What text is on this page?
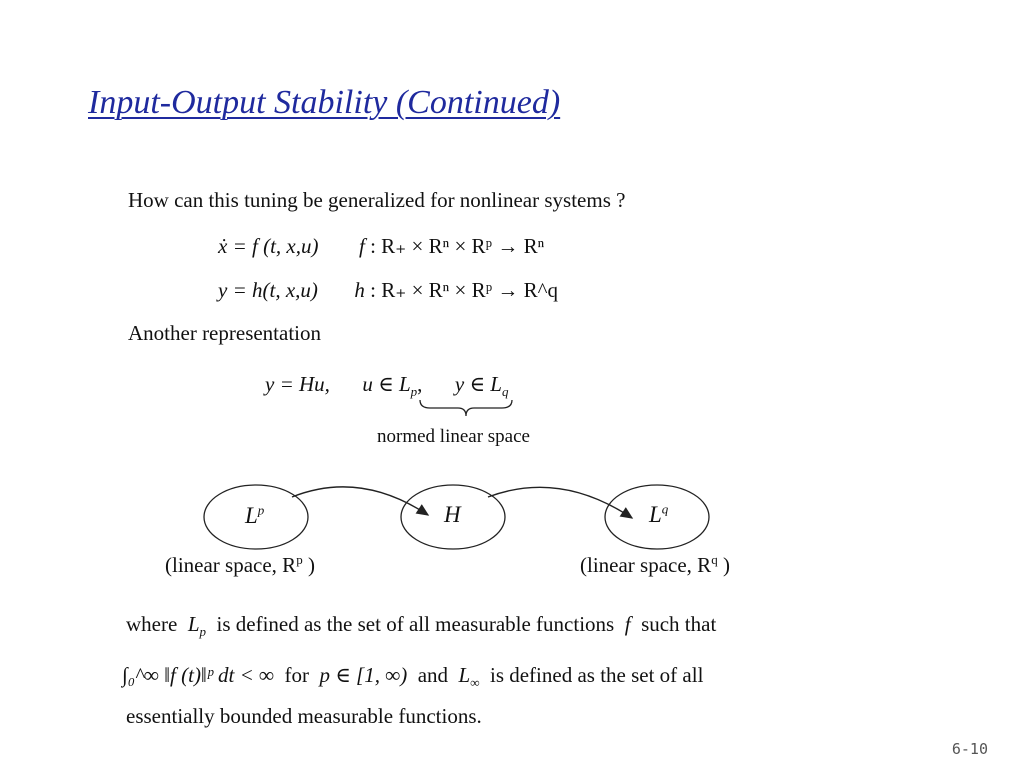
Input-Output Stability (Continued)
How can this tuning be generalized for nonlinear systems ?
ẋ = f (t, x,u) f : R₊ × Rⁿ × Rᵖ → Rⁿ
y = h(t, x,u) h : R₊ × Rⁿ × Rᵖ → R^q
Another representation
y = Hu, u ∈ $L_p$, y ∈ $L_q$
normed linear space
$L^p$	H	$L^q$
(linear space, $R^p$ )	(linear space, $R^q$ )
where $L_p$ is defined as the set of all measurable functions f such that
∫₀^∞ ‖f (t)‖ᵖ dt < ∞ for p ∈ [1, ∞) and $L_\infty$ is defined as the set of all
essentially bounded measurable functions.
6-10
